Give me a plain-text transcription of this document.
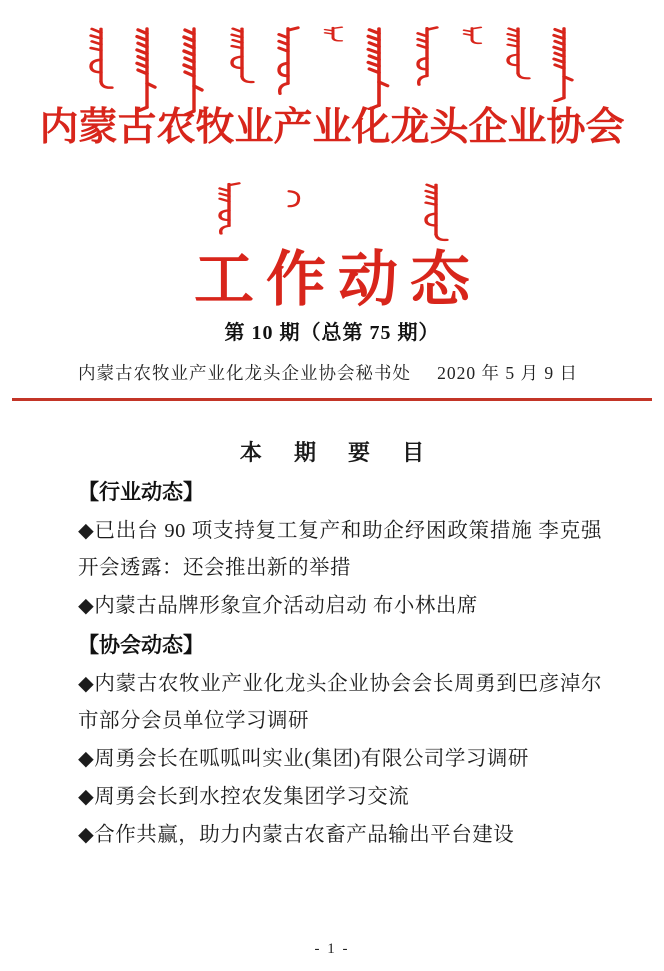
内蒙古农牧业产业化龙头企业协会
工作动态
第 10 期（总第 75 期）
内蒙古农牧业产业化龙头企业协会秘书处 2020 年 5 月 9 日
本 期 要 目
【行业动态】

◆已出台 90 项支持复工复产和助企纾困政策措施 李克强开会透露：还会推出新的举措

◆内蒙古品牌形象宣介活动启动 布小林出席

【协会动态】

◆内蒙古农牧业产业化龙头企业协会会长周勇到巴彦淖尔市部分会员单位学习调研

◆周勇会长在呱呱叫实业(集团)有限公司学习调研

◆周勇会长到水控农发集团学习交流

◆合作共赢，助力内蒙古农畜产品输出平台建设

- 1 -
